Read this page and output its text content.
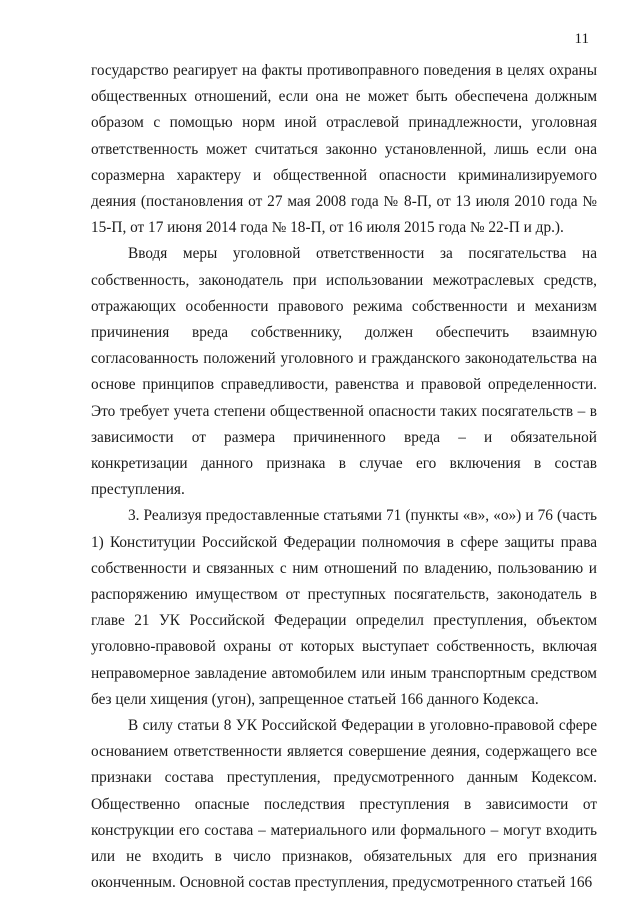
11

государство реагирует на факты противоправного поведения в целях охраны общественных отношений, если она не может быть обеспечена должным образом с помощью норм иной отраслевой принадлежности, уголовная ответственность может считаться законно установленной, лишь если она соразмерна характеру и общественной опасности криминализируемого деяния (постановления от 27 мая 2008 года № 8-П, от 13 июля 2010 года № 15-П, от 17 июня 2014 года № 18-П, от 16 июля 2015 года № 22-П и др.).

Вводя меры уголовной ответственности за посягательства на собственность, законодатель при использовании межотраслевых средств, отражающих особенности правового режима собственности и механизм причинения вреда собственнику, должен обеспечить взаимную согласованность положений уголовного и гражданского законодательства на основе принципов справедливости, равенства и правовой определенности. Это требует учета степени общественной опасности таких посягательств – в зависимости от размера причиненного вреда – и обязательной конкретизации данного признака в случае его включения в состав преступления.

3. Реализуя предоставленные статьями 71 (пункты «в», «о») и 76 (часть 1) Конституции Российской Федерации полномочия в сфере защиты права собственности и связанных с ним отношений по владению, пользованию и распоряжению имуществом от преступных посягательств, законодатель в главе 21 УК Российской Федерации определил преступления, объектом уголовно-правовой охраны от которых выступает собственность, включая неправомерное завладение автомобилем или иным транспортным средством без цели хищения (угон), запрещенное статьей 166 данного Кодекса.

В силу статьи 8 УК Российской Федерации в уголовно-правовой сфере основанием ответственности является совершение деяния, содержащего все признаки состава преступления, предусмотренного данным Кодексом. Общественно опасные последствия преступления в зависимости от конструкции его состава – материального или формального – могут входить или не входить в число признаков, обязательных для его признания оконченным. Основной состав преступления, предусмотренного статьей 166
